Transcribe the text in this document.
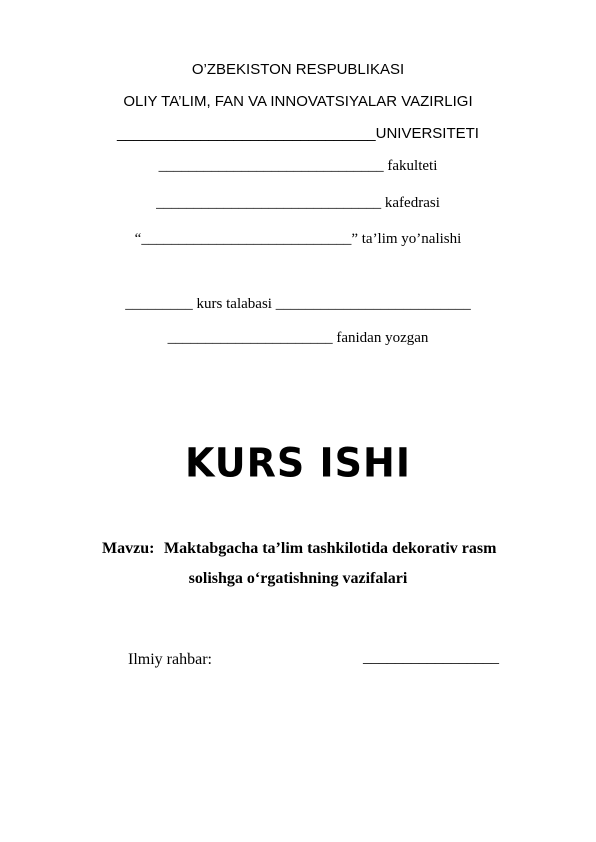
O’ZBEKISTON RESPUBLIKASI
OLIY TA’LIM, FAN VA INNOVATSIYALAR VAZIRLIGI
_______________________________UNIVERSITETI
______________________________ fakulteti
______________________________ kafedrasi
“____________________________” ta’lim yo’nalishi
_________ kurs talabasi __________________________
______________________ fanidan yozgan
KURS ISHI
Mavzu: Maktabgacha ta’lim tashkilotida dekorativ rasm
solishga o‘rgatishning vazifalari
Ilmiy rahbar:	_________________
